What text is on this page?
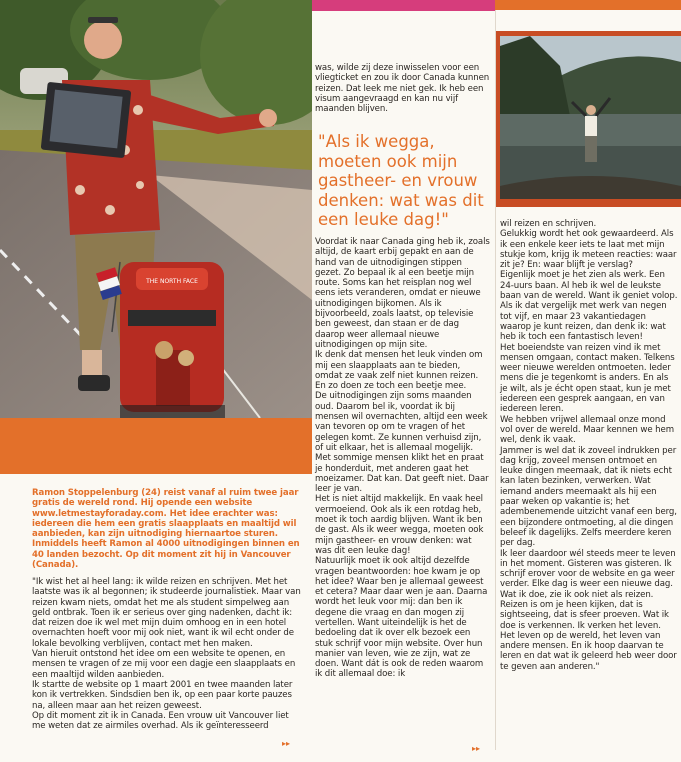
THE NORTH FACE
Ramon Stoppelenburg (24) reist vanaf al ruim twee jaar gratis de wereld rond. Hij opende een website www.letmestayforaday.com. Het idee erachter was: iedereen die hem een gratis slaapplaats en maaltijd wil aanbieden, kan zijn uitnodiging hiernaartoe sturen. Inmiddels heeft Ramon al 4000 uitnodigingen binnen en 40 landen bezocht. Op dit moment zit hij in Vancouver (Canada).
"Ik wist het al heel lang: ik wilde reizen en schrijven. Met het laatste was ik al begonnen; ik studeerde journalistiek. Maar van reizen kwam niets, omdat het me als student simpelweg aan geld ontbrak. Toen ik er serieus over ging nadenken, dacht ik: dat reizen doe ik wel met mijn duim omhoog en in een hotel overnachten hoeft voor mij ook niet, want ik wil echt onder de lokale bevolking verblijven, contact met hen maken.
Van hieruit ontstond het idee om een website te openen, en mensen te vragen of ze mij voor een dagje een slaapplaats en een maaltijd wilden aanbieden.
Ik startte de website op 1 maart 2001 en twee maanden later kon ik vertrekken. Sindsdien ben ik, op een paar korte pauzes na, alleen maar aan het reizen geweest.
Op dit moment zit ik in Canada. Een vrouw uit Vancouver liet me weten dat ze airmiles overhad. Als ik geïnteresseerd
▸▸
was, wilde zij deze inwisselen voor een vliegticket en zou ik door Canada kunnen reizen. Dat leek me niet gek. Ik heb een visum aangevraagd en kan nu vijf maanden blijven.
"Als ik wegga, moeten ook mijn gastheer- en vrouw denken: wat was dit een leuke dag!"
Voordat ik naar Canada ging heb ik, zoals altijd, de kaart erbij gepakt en aan de hand van de uitnodigingen stippen gezet. Zo bepaal ik al een beetje mijn route. Soms kan het reisplan nog wel eens iets veranderen, omdat er nieuwe uitnodigingen bijkomen. Als ik bijvoorbeeld, zoals laatst, op televisie ben geweest, dan staan er de dag daarop weer allemaal nieuwe uitnodigingen op mijn site.
Ik denk dat mensen het leuk vinden om mij een slaapplaats aan te bieden, omdat ze vaak zelf niet kunnen reizen. En zo doen ze toch een beetje mee.
De uitnodigingen zijn soms maanden oud. Daarom bel ik, voordat ik bij mensen wil overnachten, altijd een week van tevoren op om te vragen of het gelegen komt. Ze kunnen verhuisd zijn, of uit elkaar, het is allemaal mogelijk.
Met sommige mensen klikt het en praat je honderduit, met anderen gaat het moeizamer. Dat kan. Dat geeft niet. Daar leer je van.
Het is niet altijd makkelijk. En vaak heel vermoeiend. Ook als ik een rotdag heb, moet ik toch aardig blijven. Want ik ben de gast. Als ik weer wegga, moeten ook mijn gastheer- en vrouw denken: wat was dit een leuke dag!
Natuurlijk moet ik ook altijd dezelfde vragen beantwoorden: hoe kwam je op het idee? Waar ben je allemaal geweest et cetera? Maar daar wen je aan. Daarna wordt het leuk voor mij: dan ben ik degene die vraag en dan mogen zij vertellen. Want uiteindelijk is het de bedoeling dat ik over elk bezoek een stuk schrijf voor mijn website. Over hun manier van leven, wie ze zijn, wat ze doen. Want dát is ook de reden waarom ik dit allemaal doe: ik
▸▸
wil reizen en schrijven.
Gelukkig wordt het ook gewaardeerd. Als ik een enkele keer iets te laat met mijn stukje kom, krijg ik meteen reacties: waar zit je? En: waar blijft je verslag?
Eigenlijk moet je het zien als werk. Een 24-uurs baan. Al heb ik wel de leukste baan van de wereld. Want ik geniet volop. Als ik dat vergelijk met werk van negen tot vijf, en maar 23 vakantiedagen waarop je kunt reizen, dan denk ik: wat heb ik toch een fantastisch leven!
Het boeiendste van reizen vind ik met mensen omgaan, contact maken. Telkens weer nieuwe werelden ontmoeten. Ieder mens die je tegenkomt is anders. En als je wilt, als je écht open staat, kun je met iedereen een gesprek aangaan, en van iedereen leren.
We hebben vrijwel allemaal onze mond vol over de wereld. Maar kennen we hem wel, denk ik vaak.
Jammer is wel dat ik zoveel indrukken per dag krijg, zoveel mensen ontmoet en leuke dingen meemaak, dat ik niets echt kan laten bezinken, verwerken. Wat iemand anders meemaakt als hij een paar weken op vakantie is; het adembenemende uitzicht vanaf een berg, een bijzondere ontmoeting, al die dingen beleef ik dagelijks. Zelfs meerdere keren per dag.
Ik leer daardoor wél steeds meer te leven in het moment. Gisteren was gisteren. Ik schrijf erover voor de website en ga weer verder. Elke dag is weer een nieuwe dag. Wat ik doe, zie ik ook niet als reizen. Reizen is om je heen kijken, dat is sightseeing, dat is sfeer proeven. Wat ik doe is verkennen. Ik verken het leven. Het leven op de wereld, het leven van andere mensen. En ik hoop daarvan te leren en dat wat ik geleerd heb weer door te geven aan anderen."
